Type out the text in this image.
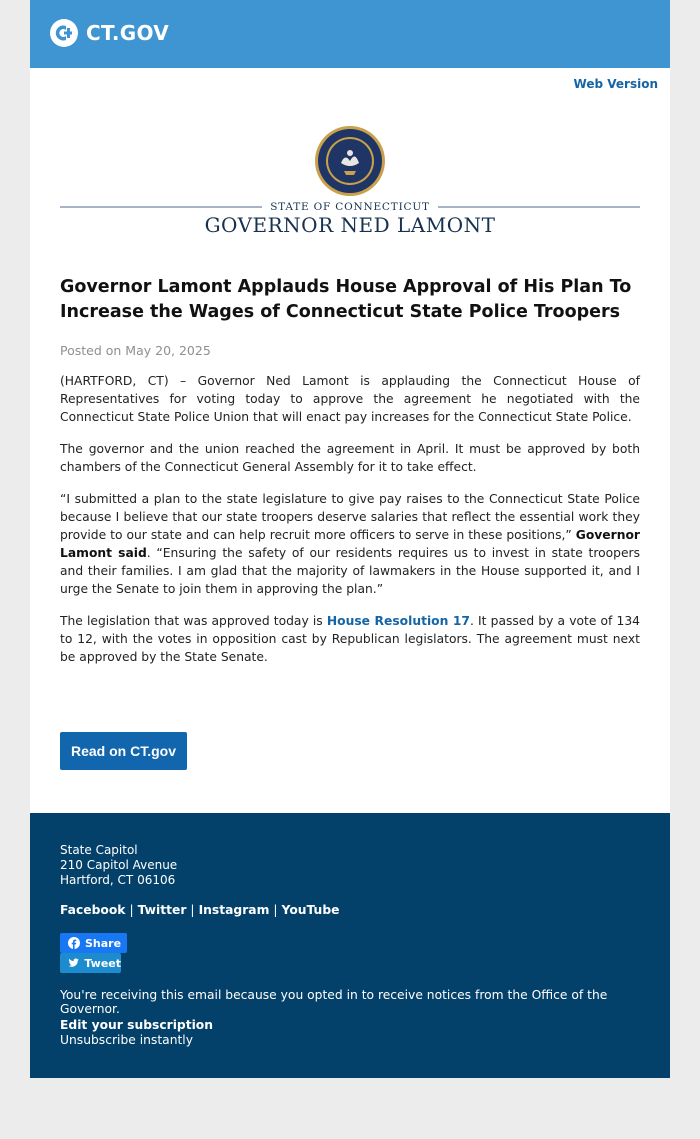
CT.GOV
Web Version
STATE OF CONNECTICUT
GOVERNOR NED LAMONT
Governor Lamont Applauds House Approval of His Plan To Increase the Wages of Connecticut State Police Troopers
Posted on May 20, 2025

(HARTFORD, CT) – Governor Ned Lamont is applauding the Connecticut House of Representatives for voting today to approve the agreement he negotiated with the Connecticut State Police Union that will enact pay increases for the Connecticut State Police.

The governor and the union reached the agreement in April. It must be approved by both chambers of the Connecticut General Assembly for it to take effect.

“I submitted a plan to the state legislature to give pay raises to the Connecticut State Police because I believe that our state troopers deserve salaries that reflect the essential work they provide to our state and can help recruit more officers to serve in these positions,” Governor Lamont said. “Ensuring the safety of our residents requires us to invest in state troopers and their families. I am glad that the majority of lawmakers in the House supported it, and I urge the Senate to join them in approving the plan.”

The legislation that was approved today is House Resolution 17. It passed by a vote of 134 to 12, with the votes in opposition cast by Republican legislators. The agreement must next be approved by the State Senate.

Read on CT.gov
State Capitol
210 Capitol Avenue
Hartford, CT 06106
Facebook | Twitter | Instagram | YouTube
Share
Tweet
You're receiving this email because you opted in to receive notices from the Office of the Governor.
Edit your subscription
Unsubscribe instantly
